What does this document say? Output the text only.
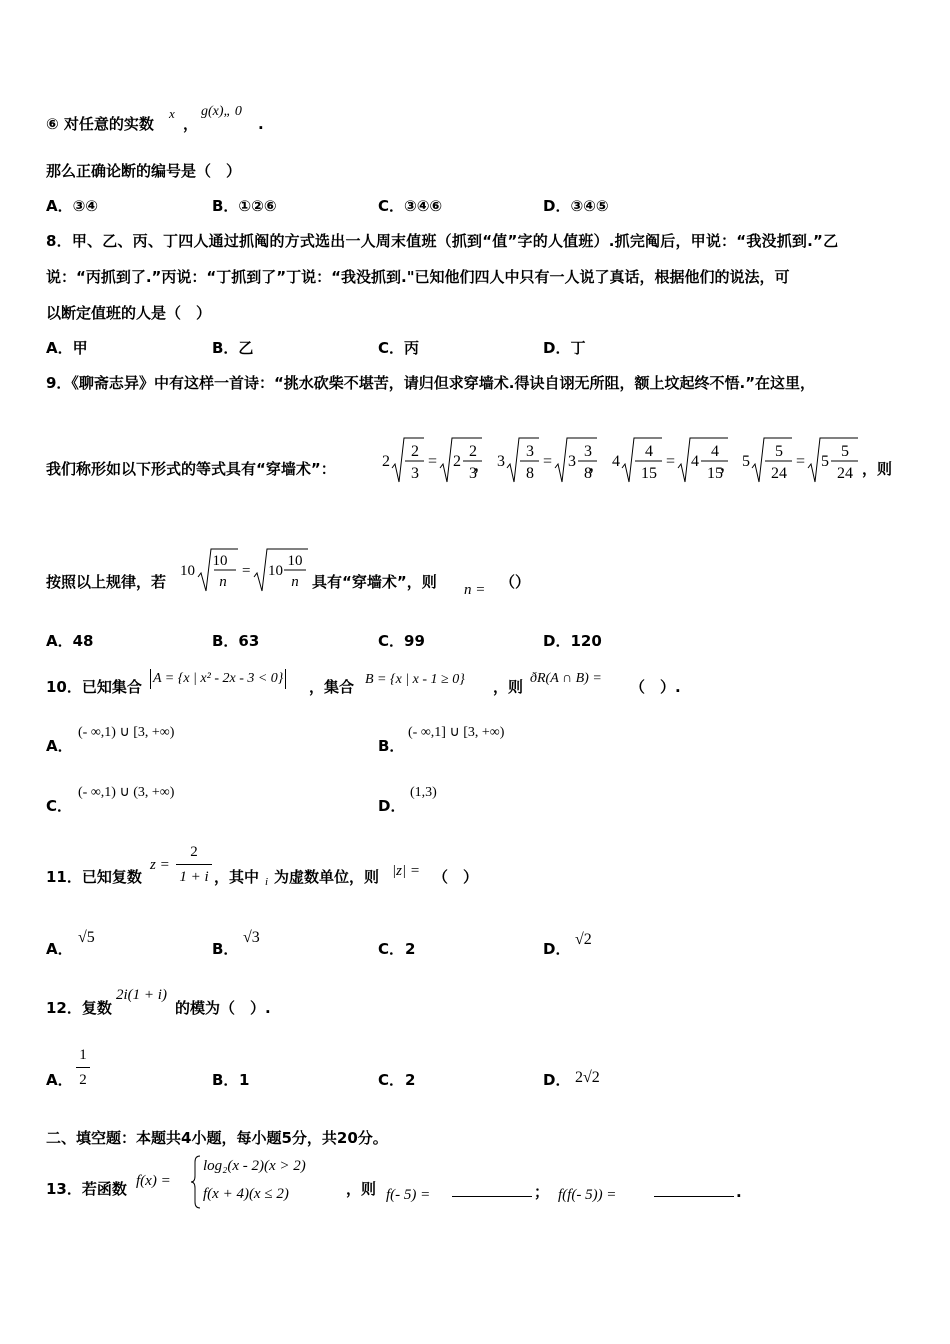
⑥ 对任意的实数
x
，
g(x)„ 0
.
那么正确论断的编号是（　）
A．③④	B．①②⑥	C．③④⑥	D．③④⑤
8．甲、乙、丙、丁四人通过抓阄的方式选出一人周末值班（抓到“值”字的人值班）.抓完阄后，甲说：“我没抓到.”乙
说：“丙抓到了.”丙说：“丁抓到了”丁说：“我没抓到."已知他们四人中只有一人说了真话，根据他们的说法，可
以断定值班的人是（　）
A．甲	B．乙	C．丙	D．丁
9．《聊斋志异》中有这样一首诗：“挑水砍柴不堪苦，请归但求穿墙术.得诀自诩无所阻，额上坟起终不悟.”在这里，
我们称形如以下形式的等式具有“穿墙术”：	2
2
3
= 2
2
3
， 3
3
8
= 3
3
8
， 4
4
15
= 4
4
15
， 5
5
24
= 5
5
24 ，则
按照以上规律，若
10
10
n
= 10
10
n 具有“穿墙术”，则 n = （）
A．48	B．63	C．99	D．120
10．已知集合 A = {x | x² - 2x - 3 < 0} ，集合 B = {x | x - 1 ≥ 0} ，则 ðR(A ∩ B) = （　）.
A．
(- ∞,1) ∪ [3, +∞)
B．
(- ∞,1] ∪ [3, +∞)
C．
(- ∞,1) ∪ (3, +∞)
D．
(1,3)
11．已知复数
z =
2
1 + i ，其中 i 为虚数单位，则 |z| = （　）
A．
√5
B．
√3
C． 2	D．
√2
12．复数
2i(1 + i)
的模为（　）.
A．
1
2	B． 1	C． 2	D． 2√2
二、填空题：本题共4小题，每小题5分，共20分。
13．若函数 f(x) =
log₂(x - 2)(x > 2)
f(x + 4)(x ≤ 2)	，则 f(- 5) =	； f(f(- 5)) =	.
